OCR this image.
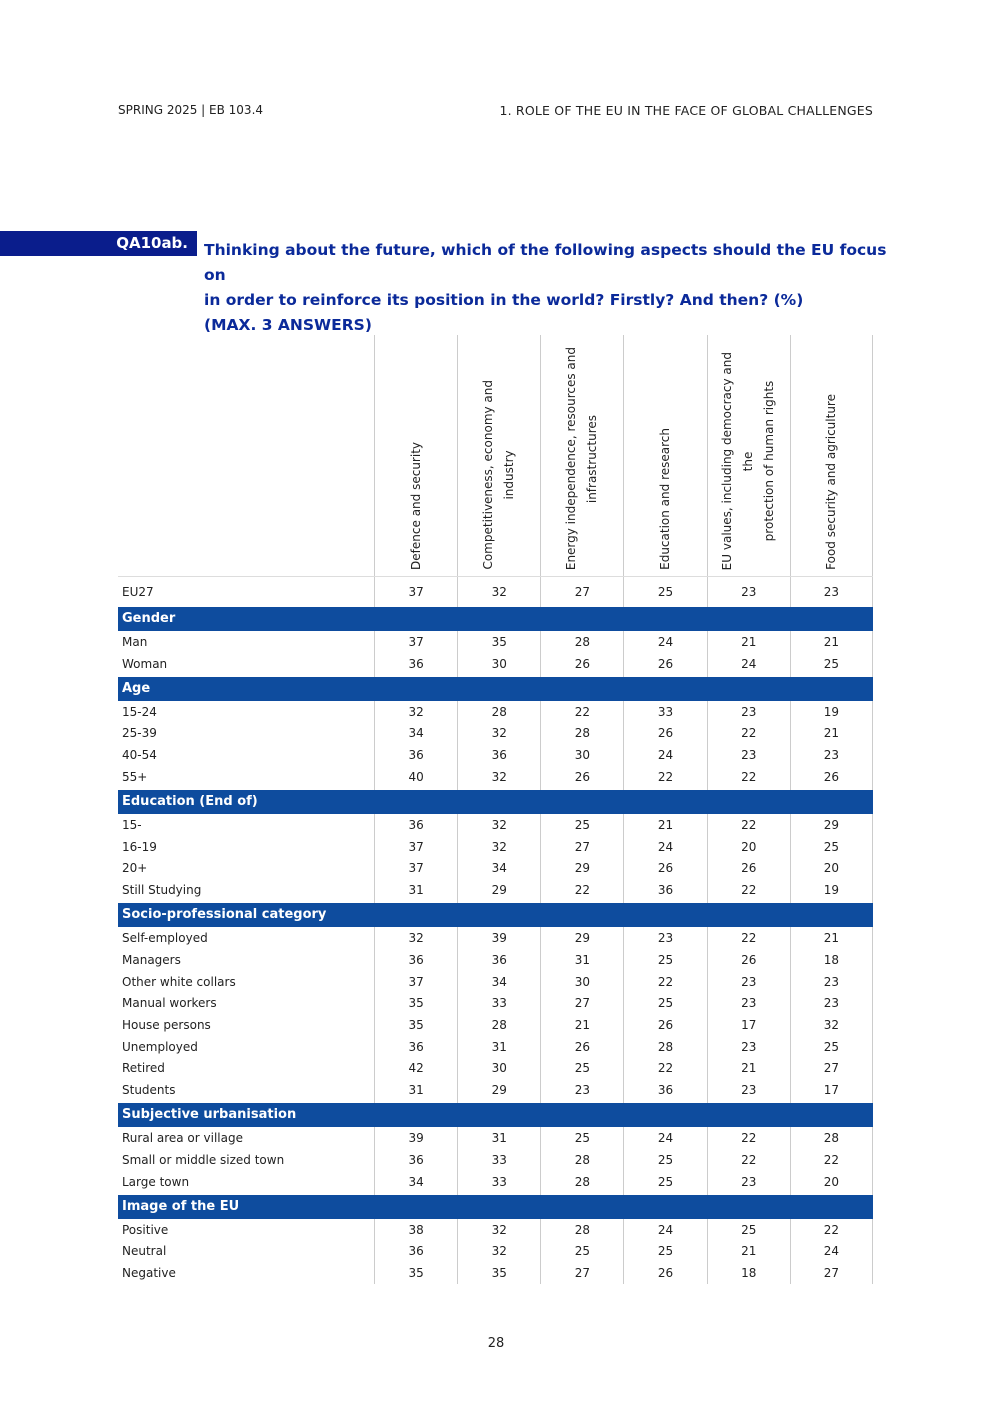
SPRING 2025 | EB 103.4	1. ROLE OF THE EU IN THE FACE OF GLOBAL CHALLENGES
QA10ab.	Thinking about the future, which of the following aspects should the EU focus on
in order to reinforce its position in the world? Firstly? And then? (%)
(MAX. 3 ANSWERS)
Defence and security	Competitiveness, economy and industry	Energy independence, resources and infrastructures	Education and research	EU values, including democracy and the protection of human rights	Food security and agriculture
EU27	37	32	27	25	23	23
Gender
Man	37	35	28	24	21	21
Woman	36	30	26	26	24	25
Age
15-24	32	28	22	33	23	19
25-39	34	32	28	26	22	21
40-54	36	36	30	24	23	23
55+	40	32	26	22	22	26
Education (End of)
15-	36	32	25	21	22	29
16-19	37	32	27	24	20	25
20+	37	34	29	26	26	20
Still Studying	31	29	22	36	22	19
Socio-professional category
Self-employed	32	39	29	23	22	21
Managers	36	36	31	25	26	18
Other white collars	37	34	30	22	23	23
Manual workers	35	33	27	25	23	23
House persons	35	28	21	26	17	32
Unemployed	36	31	26	28	23	25
Retired	42	30	25	22	21	27
Students	31	29	23	36	23	17
Subjective urbanisation
Rural area or village	39	31	25	24	22	28
Small or middle sized town	36	33	28	25	22	22
Large town	34	33	28	25	23	20
Image of the EU
Positive	38	32	28	24	25	22
Neutral	36	32	25	25	21	24
Negative	35	35	27	26	18	27
28
